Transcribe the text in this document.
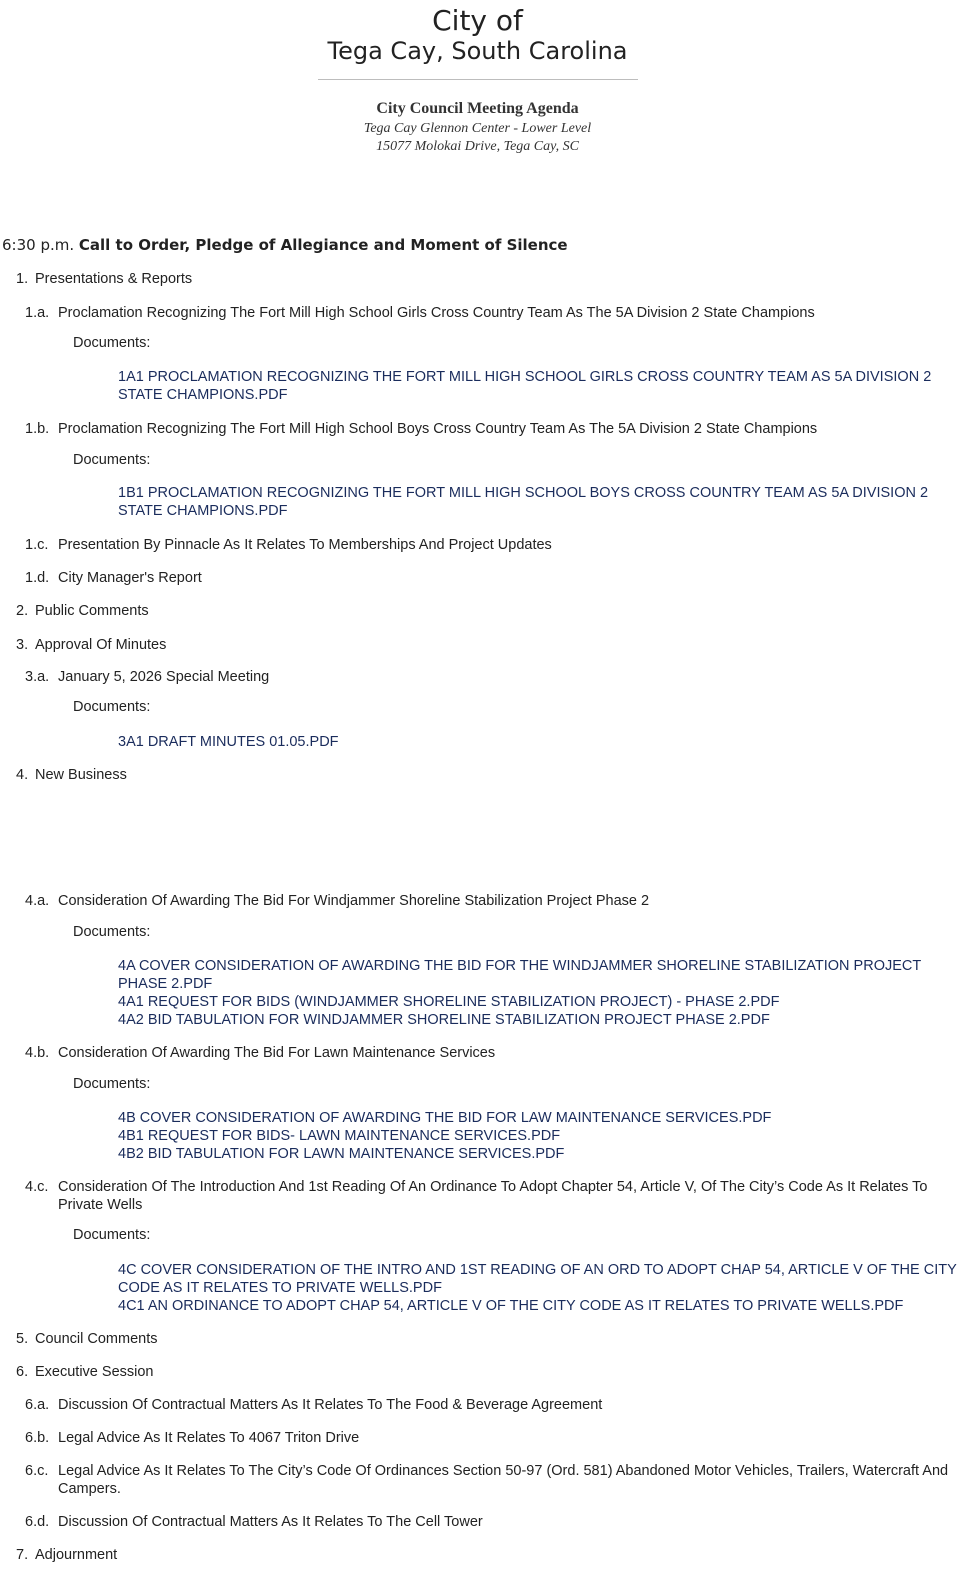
City of
Tega Cay, South Carolina
City Council Meeting Agenda
Tega Cay Glennon Center - Lower Level
15077 Molokai Drive, Tega Cay, SC
6:30 p.m. Call to Order, Pledge of Allegiance and Moment of Silence
1. Presentations & Reports
1.a. Proclamation Recognizing The Fort Mill High School Girls Cross Country Team As The 5A Division 2 State Champions
Documents:
1A1 PROCLAMATION RECOGNIZING THE FORT MILL HIGH SCHOOL GIRLS CROSS COUNTRY TEAM AS 5A DIVISION 2 STATE CHAMPIONS.PDF
1.b. Proclamation Recognizing The Fort Mill High School Boys Cross Country Team As The 5A Division 2 State Champions
Documents:
1B1 PROCLAMATION RECOGNIZING THE FORT MILL HIGH SCHOOL BOYS CROSS COUNTRY TEAM AS 5A DIVISION 2 STATE CHAMPIONS.PDF
1.c. Presentation By Pinnacle As It Relates To Memberships And Project Updates
1.d. City Manager's Report
2. Public Comments
3. Approval Of Minutes
3.a. January 5, 2026 Special Meeting
Documents:
3A1 DRAFT MINUTES 01.05.PDF
4. New Business
4.a. Consideration Of Awarding The Bid For Windjammer Shoreline Stabilization Project Phase 2
Documents:
4A COVER CONSIDERATION OF AWARDING THE BID FOR THE WINDJAMMER SHORELINE STABILIZATION PROJECT PHASE 2.PDF
4A1 REQUEST FOR BIDS (WINDJAMMER SHORELINE STABILIZATION PROJECT) - PHASE 2.PDF
4A2 BID TABULATION FOR WINDJAMMER SHORELINE STABILIZATION PROJECT PHASE 2.PDF
4.b. Consideration Of Awarding The Bid For Lawn Maintenance Services
Documents:
4B COVER CONSIDERATION OF AWARDING THE BID FOR LAW MAINTENANCE SERVICES.PDF
4B1 REQUEST FOR BIDS- LAWN MAINTENANCE SERVICES.PDF
4B2 BID TABULATION FOR LAWN MAINTENANCE SERVICES.PDF
4.c. Consideration Of The Introduction And 1st Reading Of An Ordinance To Adopt Chapter 54, Article V, Of The City’s Code As It Relates To Private Wells
Documents:
4C COVER CONSIDERATION OF THE INTRO AND 1ST READING OF AN ORD TO ADOPT CHAP 54, ARTICLE V OF THE CITY CODE AS IT RELATES TO PRIVATE WELLS.PDF
4C1 AN ORDINANCE TO ADOPT CHAP 54, ARTICLE V OF THE CITY CODE AS IT RELATES TO PRIVATE WELLS.PDF
5. Council Comments
6. Executive Session
6.a. Discussion Of Contractual Matters As It Relates To The Food & Beverage Agreement
6.b. Legal Advice As It Relates To 4067 Triton Drive
6.c. Legal Advice As It Relates To The City’s Code Of Ordinances Section 50-97 (Ord. 581) Abandoned Motor Vehicles, Trailers, Watercraft And Campers.
6.d. Discussion Of Contractual Matters As It Relates To The Cell Tower
7. Adjournment
